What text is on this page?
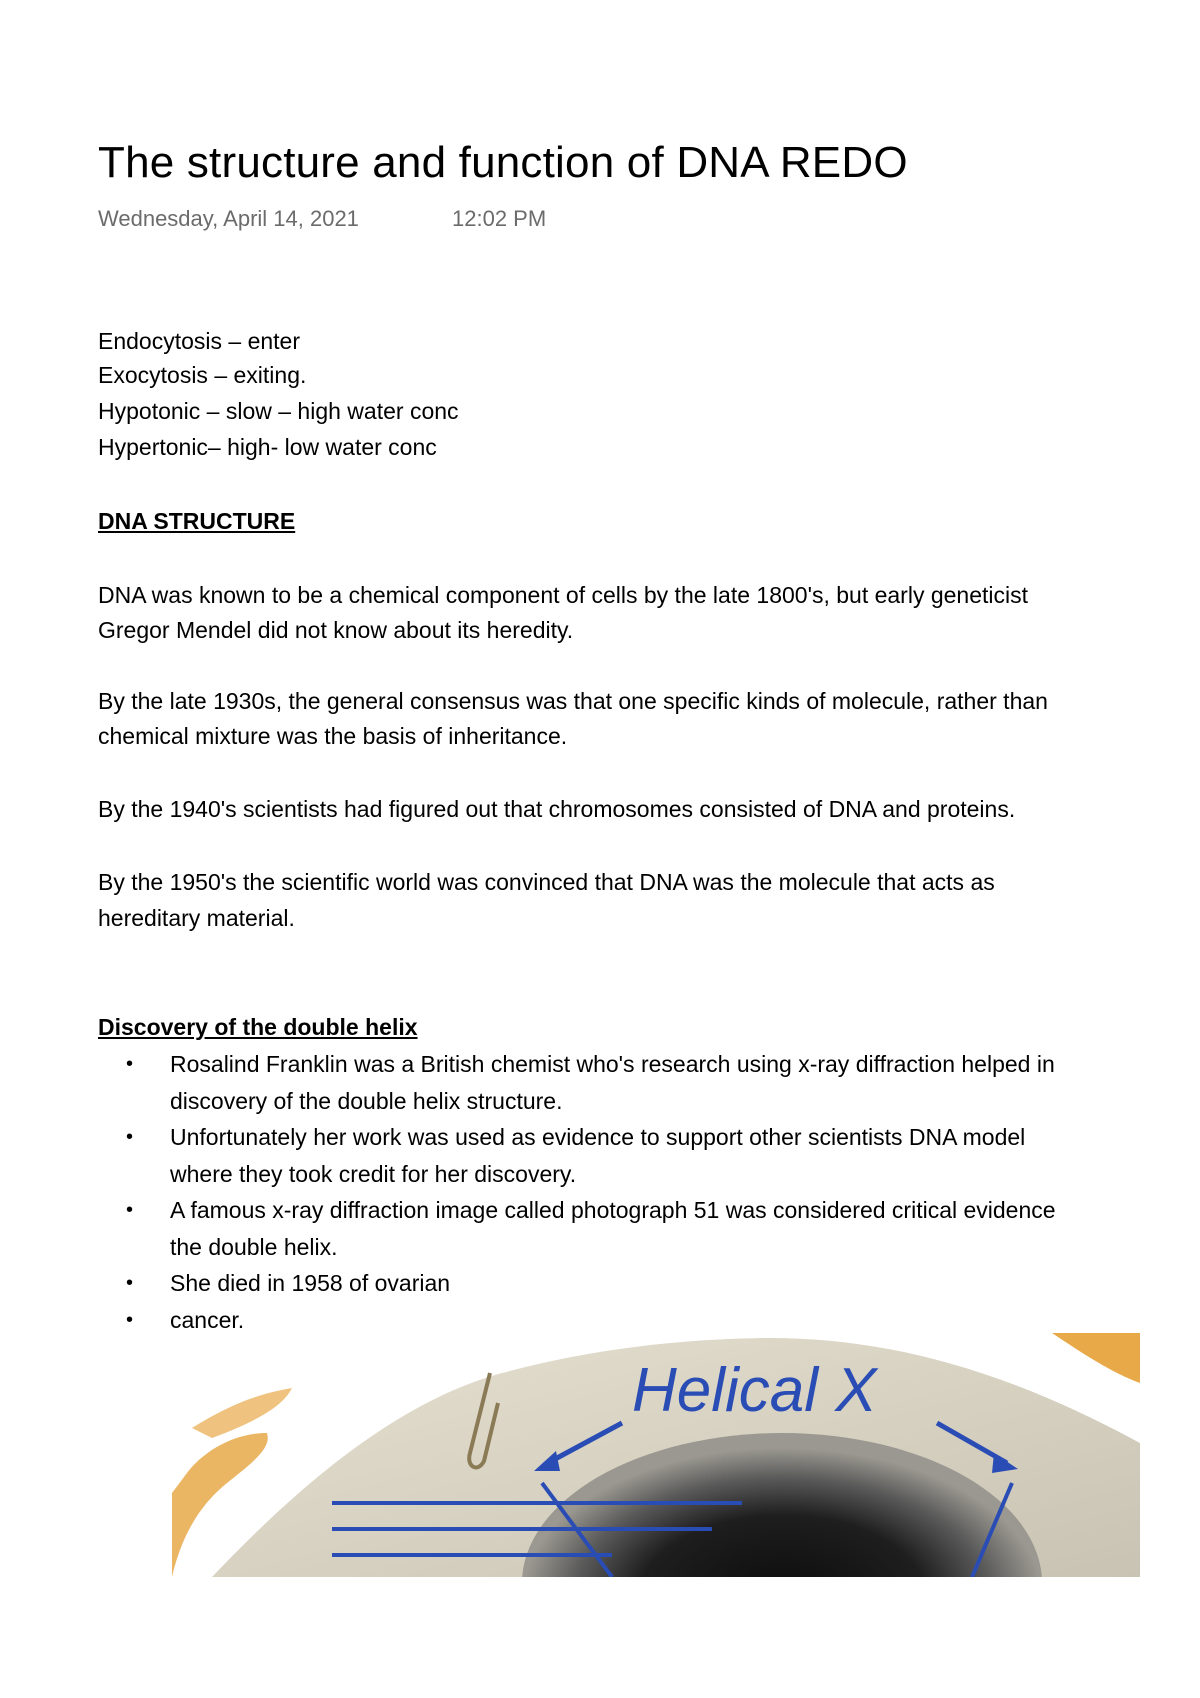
The structure and function of DNA REDO
Wednesday, April 14, 2021	12:02 PM
Endocytosis – enter
Exocytosis – exiting.
Hypotonic – slow – high water conc
Hypertonic– high- low water conc
DNA STRUCTURE
DNA was known to be a chemical component of cells by the late 1800's, but early geneticist
Gregor Mendel did not know about its heredity.
By the late 1930s, the general consensus was that one specific kinds of molecule, rather than
chemical mixture was the basis of inheritance.
By the 1940's scientists had figured out that chromosomes consisted of DNA and proteins.
By the 1950's the scientific world was convinced that DNA was the molecule that acts as
hereditary material.
Discovery of the double helix
• Rosalind Franklin was a British chemist who's research using x-ray diffraction helped in
discovery of the double helix structure.
• Unfortunately her work was used as evidence to support other scientists DNA model
where they took credit for her discovery.
• A famous x-ray diffraction image called photograph 51 was considered critical evidence
the double helix.
• She died in 1958 of ovarian
• cancer.
Helical X
